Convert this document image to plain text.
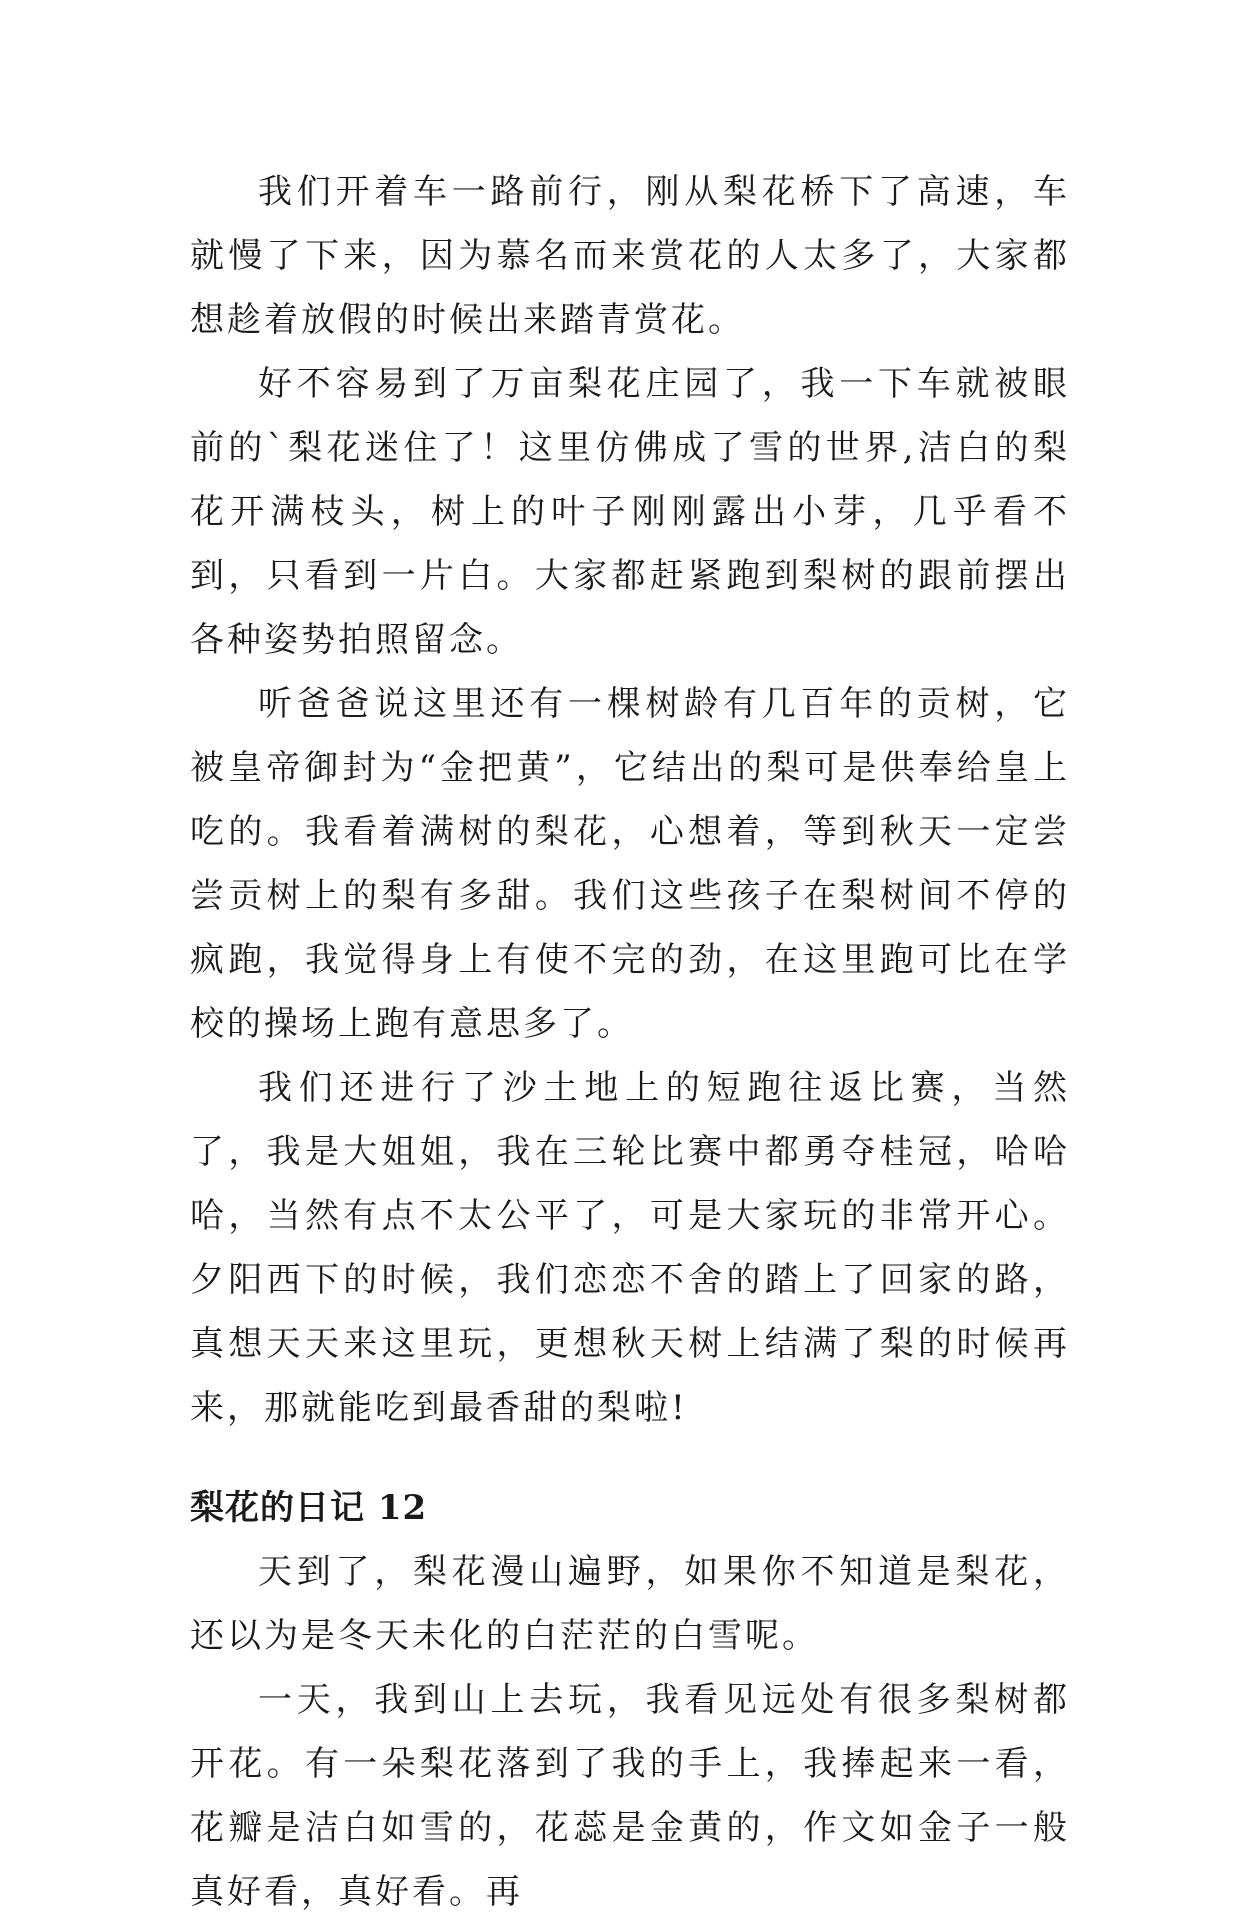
我们开着车一路前行，刚从梨花桥下了高速，车就慢了下来，因为慕名而来赏花的人太多了，大家都想趁着放假的时候出来踏青赏花。

好不容易到了万亩梨花庄园了，我一下车就被眼前的`梨花迷住了！这里仿佛成了雪的世界,洁白的梨花开满枝头，树上的叶子刚刚露出小芽，几乎看不到，只看到一片白。大家都赶紧跑到梨树的跟前摆出各种姿势拍照留念。

听爸爸说这里还有一棵树龄有几百年的贡树，它被皇帝御封为“金把黄”，它结出的梨可是供奉给皇上吃的。我看着满树的梨花，心想着，等到秋天一定尝尝贡树上的梨有多甜。我们这些孩子在梨树间不停的疯跑，我觉得身上有使不完的劲，在这里跑可比在学校的操场上跑有意思多了。

我们还进行了沙土地上的短跑往返比赛，当然了，我是大姐姐，我在三轮比赛中都勇夺桂冠，哈哈哈，当然有点不太公平了，可是大家玩的非常开心。夕阳西下的时候，我们恋恋不舍的踏上了回家的路，真想天天来这里玩，更想秋天树上结满了梨的时候再来，那就能吃到最香甜的梨啦!

梨花的日记 12

天到了，梨花漫山遍野，如果你不知道是梨花，还以为是冬天未化的白茫茫的白雪呢。

一天，我到山上去玩，我看见远处有很多梨树都开花。有一朵梨花落到了我的手上，我捧起来一看，花瓣是洁白如雪的，花蕊是金黄的，作文如金子一般真好看，真好看。再
